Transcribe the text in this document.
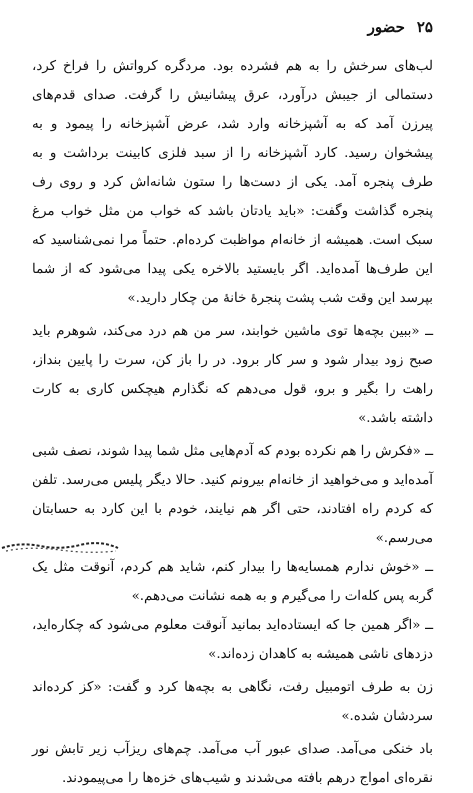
حضور ۲۵

لب‌های سرخش را به هم فشرده بود. مردگره کرواتش را فراخ کرد، دستمالی از جیبش درآورد، عرق پیشانیش را گرفت. صدای قدم‌های پیرزن آمد که به آشپزخانه وارد شد، عرض آشپزخانه را پیمود و به پیشخوان رسید. کارد آشپزخانه را از سبد فلزی کابینت برداشت و به طرف پنجره آمد. یکی از دست‌ها را ستون شانه‌اش کرد و روی رف پنجره گذاشت وگفت: «باید یادتان باشد که خواب من مثل خواب مرغ سبک است. همیشه از خانه‌ام مواظبت کرده‌ام. حتماً مرا نمی‌شناسید که این طرف‌ها آمده‌اید. اگر بایستید بالاخره یکی پیدا می‌شود که از شما بپرسد این وقت شب پشت پنجرهٔ خانهٔ من چکار دارید.»

ــ «ببین بچه‌ها توی ماشین خوابند، سر من هم درد می‌کند، شوهرم باید صبح زود بیدار شود و سر کار برود. در را باز کن، سرت را پایین بنداز، راهت را بگیر و برو، قول می‌دهم که نگذارم هیچکس کاری به کارت داشته باشد.»

ــ «فکرش را هم نکرده بودم که آدم‌هایی مثل شما پیدا شوند، نصف شبی آمده‌اید و می‌خواهید از خانه‌ام بیرونم کنید. حالا دیگر پلیس می‌رسد. تلفن که کردم راه افتادند، حتی اگر هم نیایند، خودم با این کارد به حسابتان می‌رسم.»

ــ «خوش ندارم همسایه‌ها را بیدار کنم، شاید هم کردم، آنوقت مثل یک گربه پس کله‌ات را می‌گیرم و به همه نشانت می‌دهم.»

ــ «اگر همین جا که ایستاده‌اید بمانید آنوقت معلوم می‌شود که چکاره‌اید، دزدهای ناشی همیشه به کاهدان زده‌اند.»

زن به طرف اتومبیل رفت، نگاهی به بچه‌ها کرد و گفت: «کز کرده‌اند سردشان شده.»

باد خنکی می‌آمد. صدای عبور آب می‌آمد. چم‌های ریزآب زیر تابش نور نقره‌ای امواج درهم بافته می‌شدند و شیب‌های خزه‌ها را می‌پیمودند.
